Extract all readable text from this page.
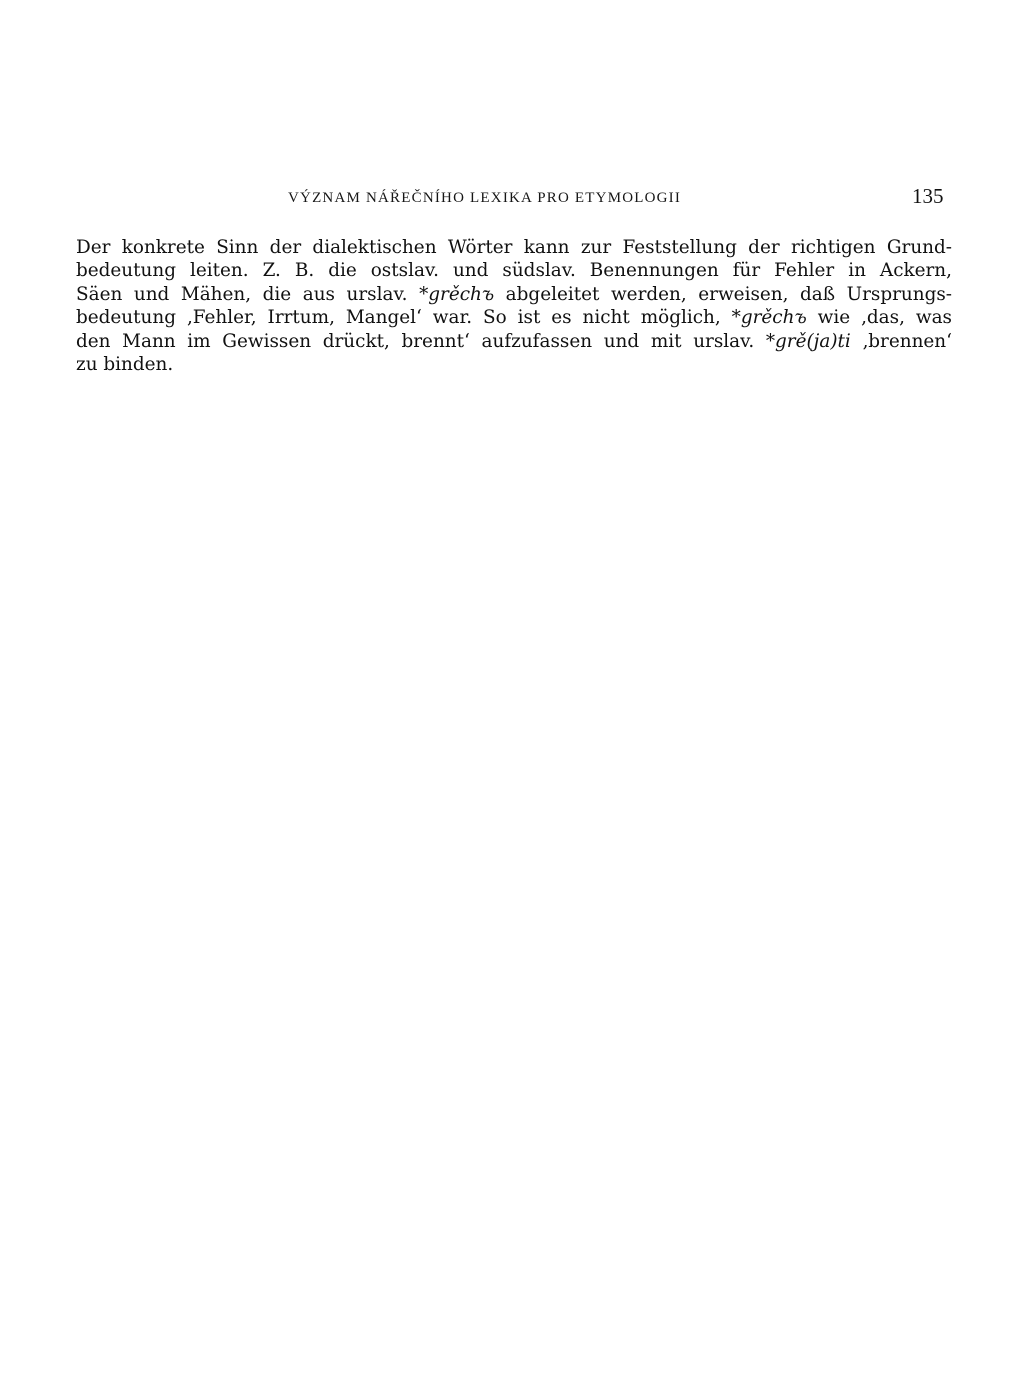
VÝZNAM NÁŘEČNÍHO LEXIKA PRO ETYMOLOGII	135
Der konkrete Sinn der dialektischen Wörter kann zur Feststellung der richtigen Grund-
bedeutung leiten. Z. B. die ostslav. und südslav. Benennungen für Fehler in Ackern,
Säen und Mähen, die aus urslav. *grěchъ abgeleitet werden, erweisen, daß Ursprungs-
bedeutung ‚Fehler, Irrtum, Mangel‘ war. So ist es nicht möglich, *grěchъ wie ‚das, was
den Mann im Gewissen drückt, brennt‘ aufzufassen und mit urslav. *grě(ja)ti ‚brennen‘
zu binden.
